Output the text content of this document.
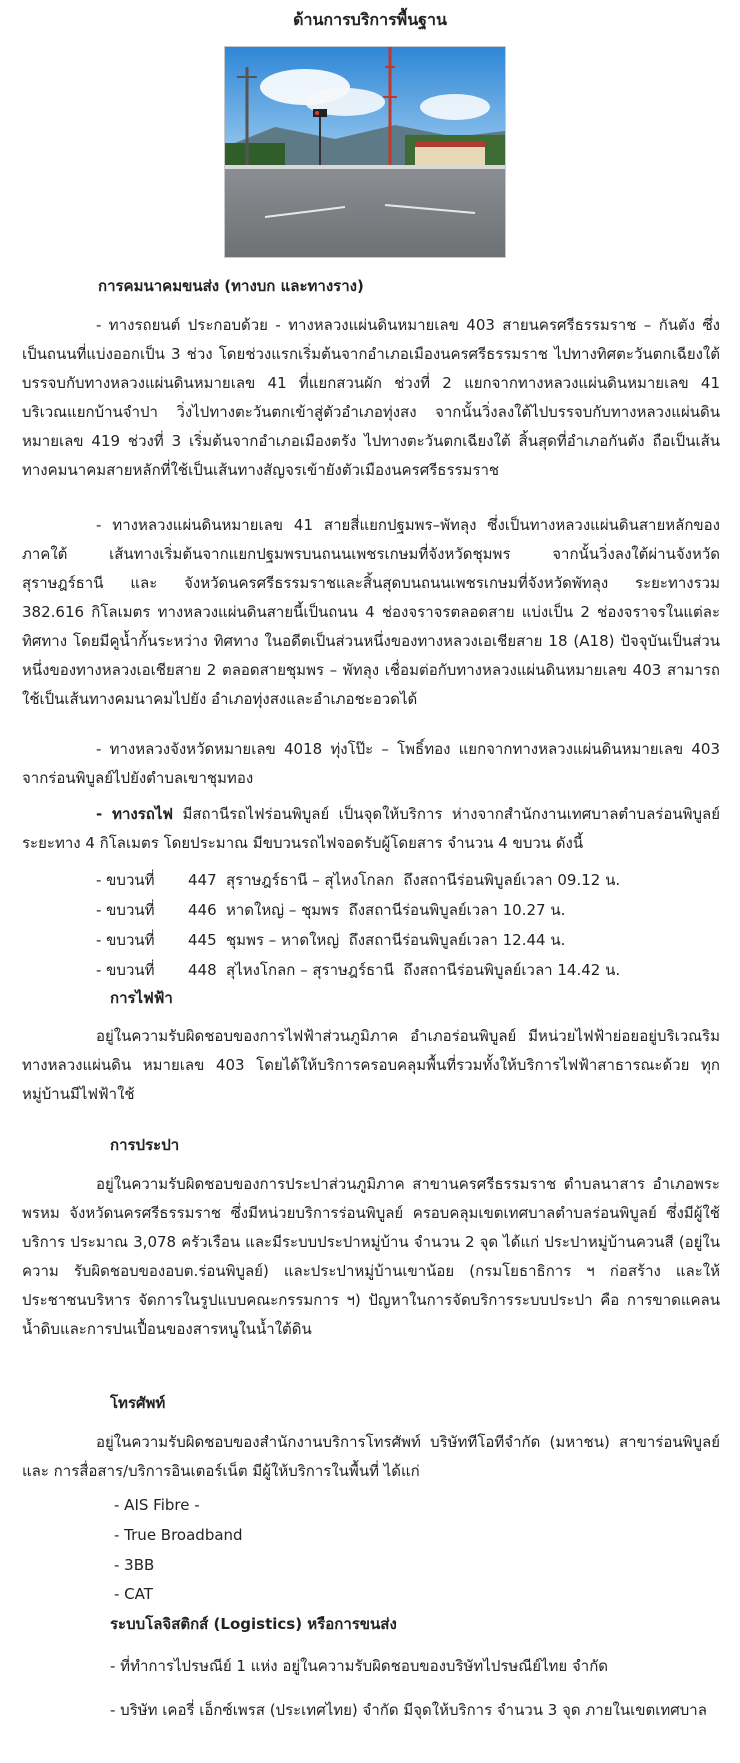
ด้านการบริการพื้นฐาน
การคมนาคมขนส่ง (ทางบก และทางราง)
- ทางรถยนต์ ประกอบด้วย - ทางหลวงแผ่นดินหมายเลข 403 สายนครศรีธรรมราช – กันตัง ซึ่งเป็นถนนที่แบ่งออกเป็น 3 ช่วง โดยช่วงแรกเริ่มต้นจากอำเภอเมืองนครศรีธรรมราช ไปทางทิศตะวันตกเฉียงใต้ บรรจบกับทางหลวงแผ่นดินหมายเลข 41 ที่แยกสวนผัก ช่วงที่ 2 แยกจากทางหลวงแผ่นดินหมายเลข 41 บริเวณแยกบ้านจำปา วิ่งไปทางตะวันตกเข้าสู่ตัวอำเภอทุ่งสง จากนั้นวิ่งลงใต้ไปบรรจบกับทางหลวงแผ่นดินหมายเลข 419 ช่วงที่ 3 เริ่มต้นจากอำเภอเมืองตรัง ไปทางตะวันตกเฉียงใต้ สิ้นสุดที่อำเภอกันตัง ถือเป็นเส้นทางคมนาคมสายหลักที่ใช้เป็นเส้นทางสัญจรเข้ายังตัวเมืองนครศรีธรรมราช
- ทางหลวงแผ่นดินหมายเลข 41 สายสี่แยกปฐมพร–พัทลุง ซึ่งเป็นทางหลวงแผ่นดินสายหลักของภาคใต้ เส้นทางเริ่มต้นจากแยกปฐมพรบนถนนเพชรเกษมที่จังหวัดชุมพร จากนั้นวิ่งลงใต้ผ่านจังหวัดสุราษฎร์ธานี และ จังหวัดนครศรีธรรมราชและสิ้นสุดบนถนนเพชรเกษมที่จังหวัดพัทลุง ระยะทางรวม 382.616 กิโลเมตร ทางหลวงแผ่นดินสายนี้เป็นถนน 4 ช่องจราจรตลอดสาย แบ่งเป็น 2 ช่องจราจรในแต่ละทิศทาง โดยมีคูน้ำกั้นระหว่าง ทิศทาง ในอดีตเป็นส่วนหนึ่งของทางหลวงเอเชียสาย 18 (A18) ปัจจุบันเป็นส่วนหนึ่งของทางหลวงเอเชียสาย 2 ตลอดสายชุมพร – พัทลุง เชื่อมต่อกับทางหลวงแผ่นดินหมายเลข 403 สามารถใช้เป็นเส้นทางคมนาคมไปยัง อำเภอทุ่งสงและอำเภอชะอวดได้
- ทางหลวงจังหวัดหมายเลข 4018 ทุ่งโป๊ะ – โพธิ์ทอง แยกจากทางหลวงแผ่นดินหมายเลข 403 จากร่อนพิบูลย์ไปยังตำบลเขาชุมทอง
- ทางรถไฟ มีสถานีรถไฟร่อนพิบูลย์ เป็นจุดให้บริการ ห่างจากสำนักงานเทศบาลตำบลร่อนพิบูลย์ ระยะทาง 4 กิโลเมตร โดยประมาณ มีขบวนรถไฟจอดรับผู้โดยสาร จำนวน 4 ขบวน ดังนี้
- ขบวนที่ 447 สุราษฎร์ธานี – สุไหงโกลก ถึงสถานีร่อนพิบูลย์เวลา 09.12 น.
- ขบวนที่ 446 หาดใหญ่ – ชุมพร ถึงสถานีร่อนพิบูลย์เวลา 10.27 น.
- ขบวนที่ 445 ชุมพร – หาดใหญ่ ถึงสถานีร่อนพิบูลย์เวลา 12.44 น.
- ขบวนที่ 448 สุไหงโกลก – สุราษฎร์ธานี ถึงสถานีร่อนพิบูลย์เวลา 14.42 น.
การไฟฟ้า
อยู่ในความรับผิดชอบของการไฟฟ้าส่วนภูมิภาค อำเภอร่อนพิบูลย์ มีหน่วยไฟฟ้าย่อยอยู่บริเวณริมทางหลวงแผ่นดิน หมายเลข 403 โดยได้ให้บริการครอบคลุมพื้นที่รวมทั้งให้บริการไฟฟ้าสาธารณะด้วย ทุกหมู่บ้านมีไฟฟ้าใช้
การประปา
อยู่ในความรับผิดชอบของการประปาส่วนภูมิภาค สาขานครศรีธรรมราช ตำบลนาสาร อำเภอพระพรหม จังหวัดนครศรีธรรมราช ซึ่งมีหน่วยบริการร่อนพิบูลย์ ครอบคลุมเขตเทศบาลตำบลร่อนพิบูลย์ ซึ่งมีผู้ใช้บริการ ประมาณ 3,078 ครัวเรือน และมีระบบประปาหมู่บ้าน จำนวน 2 จุด ได้แก่ ประปาหมู่บ้านควนสี (อยู่ในความ รับผิดชอบของอบต.ร่อนพิบูลย์) และประปาหมู่บ้านเขาน้อย (กรมโยธาธิการ ฯ ก่อสร้าง และให้ประชาชนบริหาร จัดการในรูปแบบคณะกรรมการ ฯ) ปัญหาในการจัดบริการระบบประปา คือ การขาดแคลนน้ำดิบและการปนเปื้อนของสารหนูในน้ำใต้ดิน
โทรศัพท์
อยู่ในความรับผิดชอบของสำนักงานบริการโทรศัพท์ บริษัททีโอทีจำกัด (มหาชน) สาขาร่อนพิบูลย์และ การสื่อสาร/บริการอินเตอร์เน็ต มีผู้ให้บริการในพื้นที่ ได้แก่
- AIS Fibre -
- True Broadband
- 3BB
- CAT
ระบบโลจิสติกส์ (Logistics) หรือการขนส่ง
- ที่ทำการไปรษณีย์ 1 แห่ง อยู่ในความรับผิดชอบของบริษัทไปรษณีย์ไทย จำกัด
- บริษัท เคอรี่ เอ็กซ์เพรส (ประเทศไทย) จำกัด มีจุดให้บริการ จำนวน 3 จุด ภายในเขตเทศบาล
